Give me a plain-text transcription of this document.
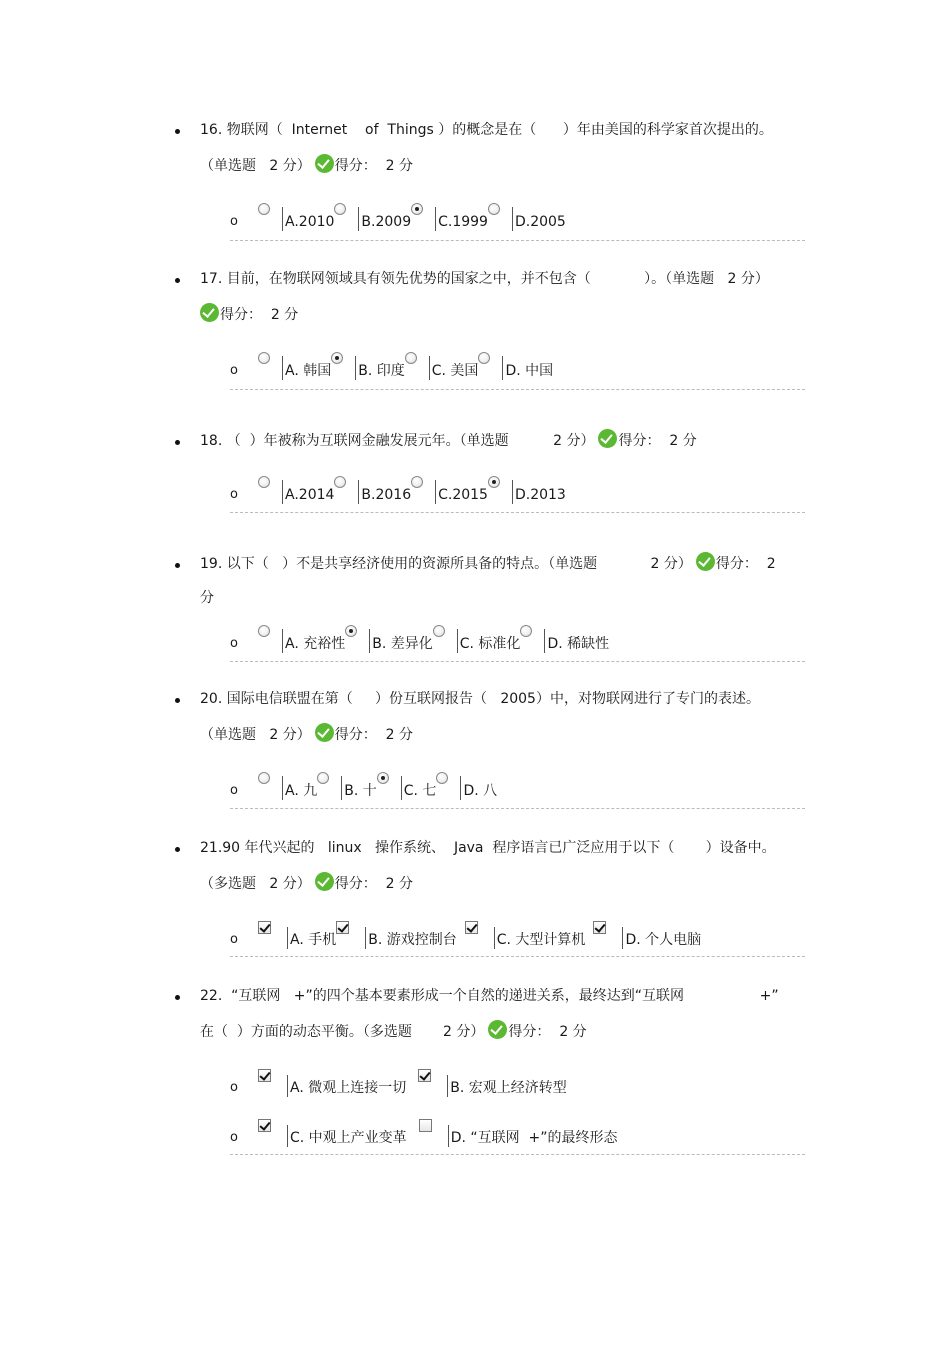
16. 物联网（  Internet    of  Things ）的概念是在（      ）年由美国的科学家首次提出的。
（单选题   2 分） 得分：  2 分
o	A.2010 B.2009 C.1999 D.2005
17. 目前，在物联网领域具有领先优势的国家之中，并不包含（            ）。（单选题   2 分）
得分：  2 分
o	A. 韩国 B. 印度 C. 美国 D. 中国
18.
（  ）年被称为互联网金融发展元年。（单选题          2 分） 得分：  2 分
o	A.2014 B.2016 C.2015 D.2013
19.
以下（   ）不是共享经济使用的资源所具备的特点。（单选题            2 分） 得分：  2
分
o	A. 充裕性 B. 差异化 C. 标准化 D. 稀缺性
20. 国际电信联盟在第（     ）份互联网报告（   2005）中，对物联网进行了专门的表述。
（单选题   2 分） 得分：  2 分
o	A. 九 B. 十 C. 七 D. 八
21.90 年代兴起的   linux   操作系统、  Java  程序语言已广泛应用于以下（       ）设备中。
（多选题   2 分） 得分：  2 分
o	A. 手机 B. 游戏控制台	C. 大型计算机	D. 个人电脑
22. “互联网   +”的四个基本要素形成一个自然的递进关系，最终达到“互联网                 +”
在（  ）方面的动态平衡。（多选题       2 分） 得分：  2 分
o	A. 微观上连接一切	B. 宏观上经济转型
o	C. 中观上产业变革	D. “互联网  +”的最终形态
